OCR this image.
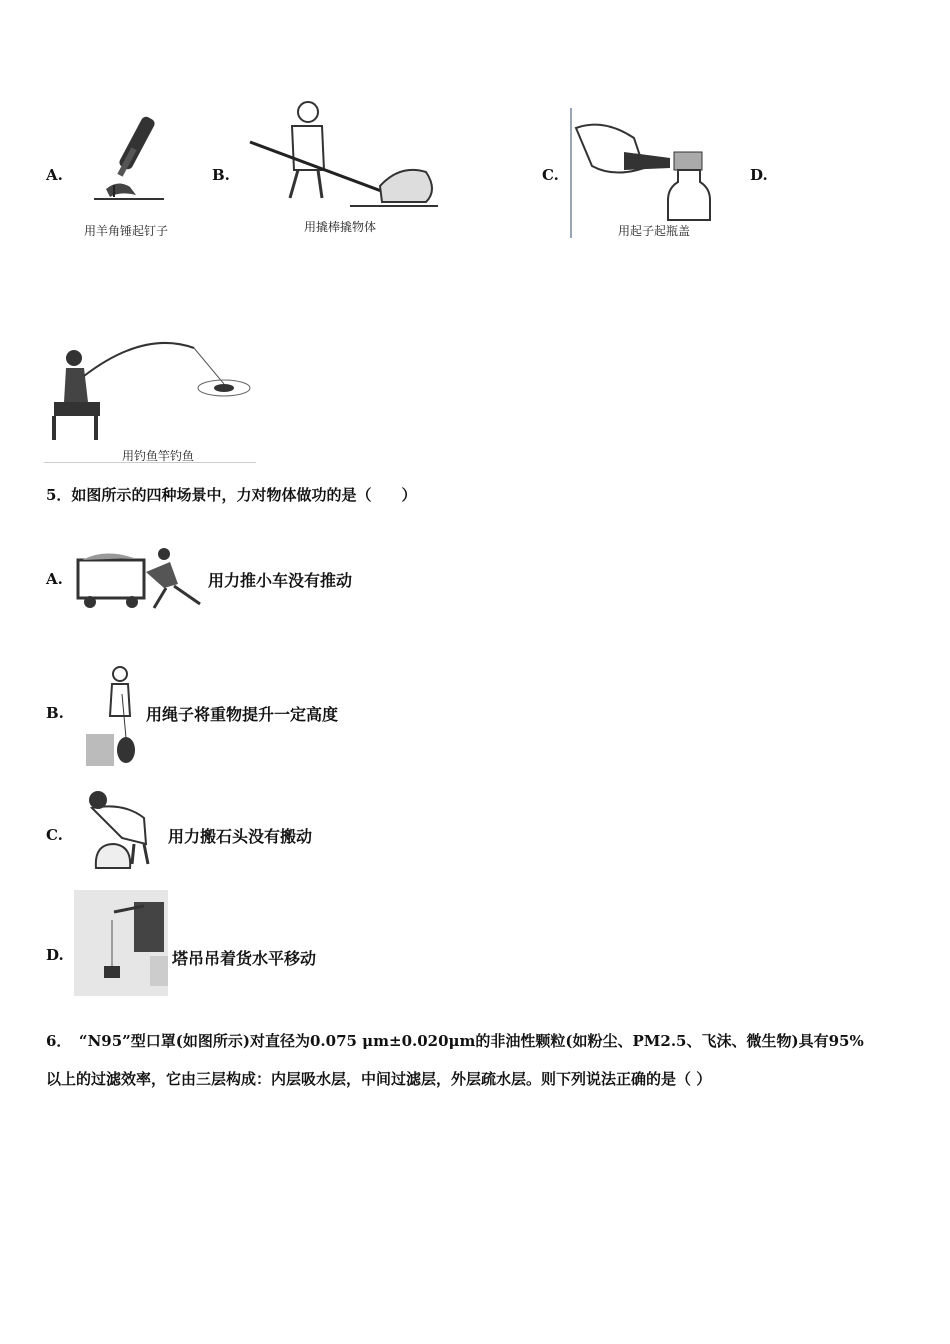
A.
用羊角锤起钉子
B.
用撬棒撬物体
C.
用起子起瓶盖
D.
用钓鱼竿钓鱼
5．如图所示的四种场景中，力对物体做功的是（　　）
A.	用力推小车没有推动
B.	用绳子将重物提升一定高度
C.	用力搬石头没有搬动
D.	塔吊吊着货水平移动
6．　“N95”型口罩(如图所示)对直径为0.075 μm±0.020μm的非油性颗粒(如粉尘、PM2.5、飞沫、微生物)具有95%
以上的过滤效率，它由三层构成：内层吸水层，中间过滤层，外层疏水层。则下列说法正确的是（ ）
